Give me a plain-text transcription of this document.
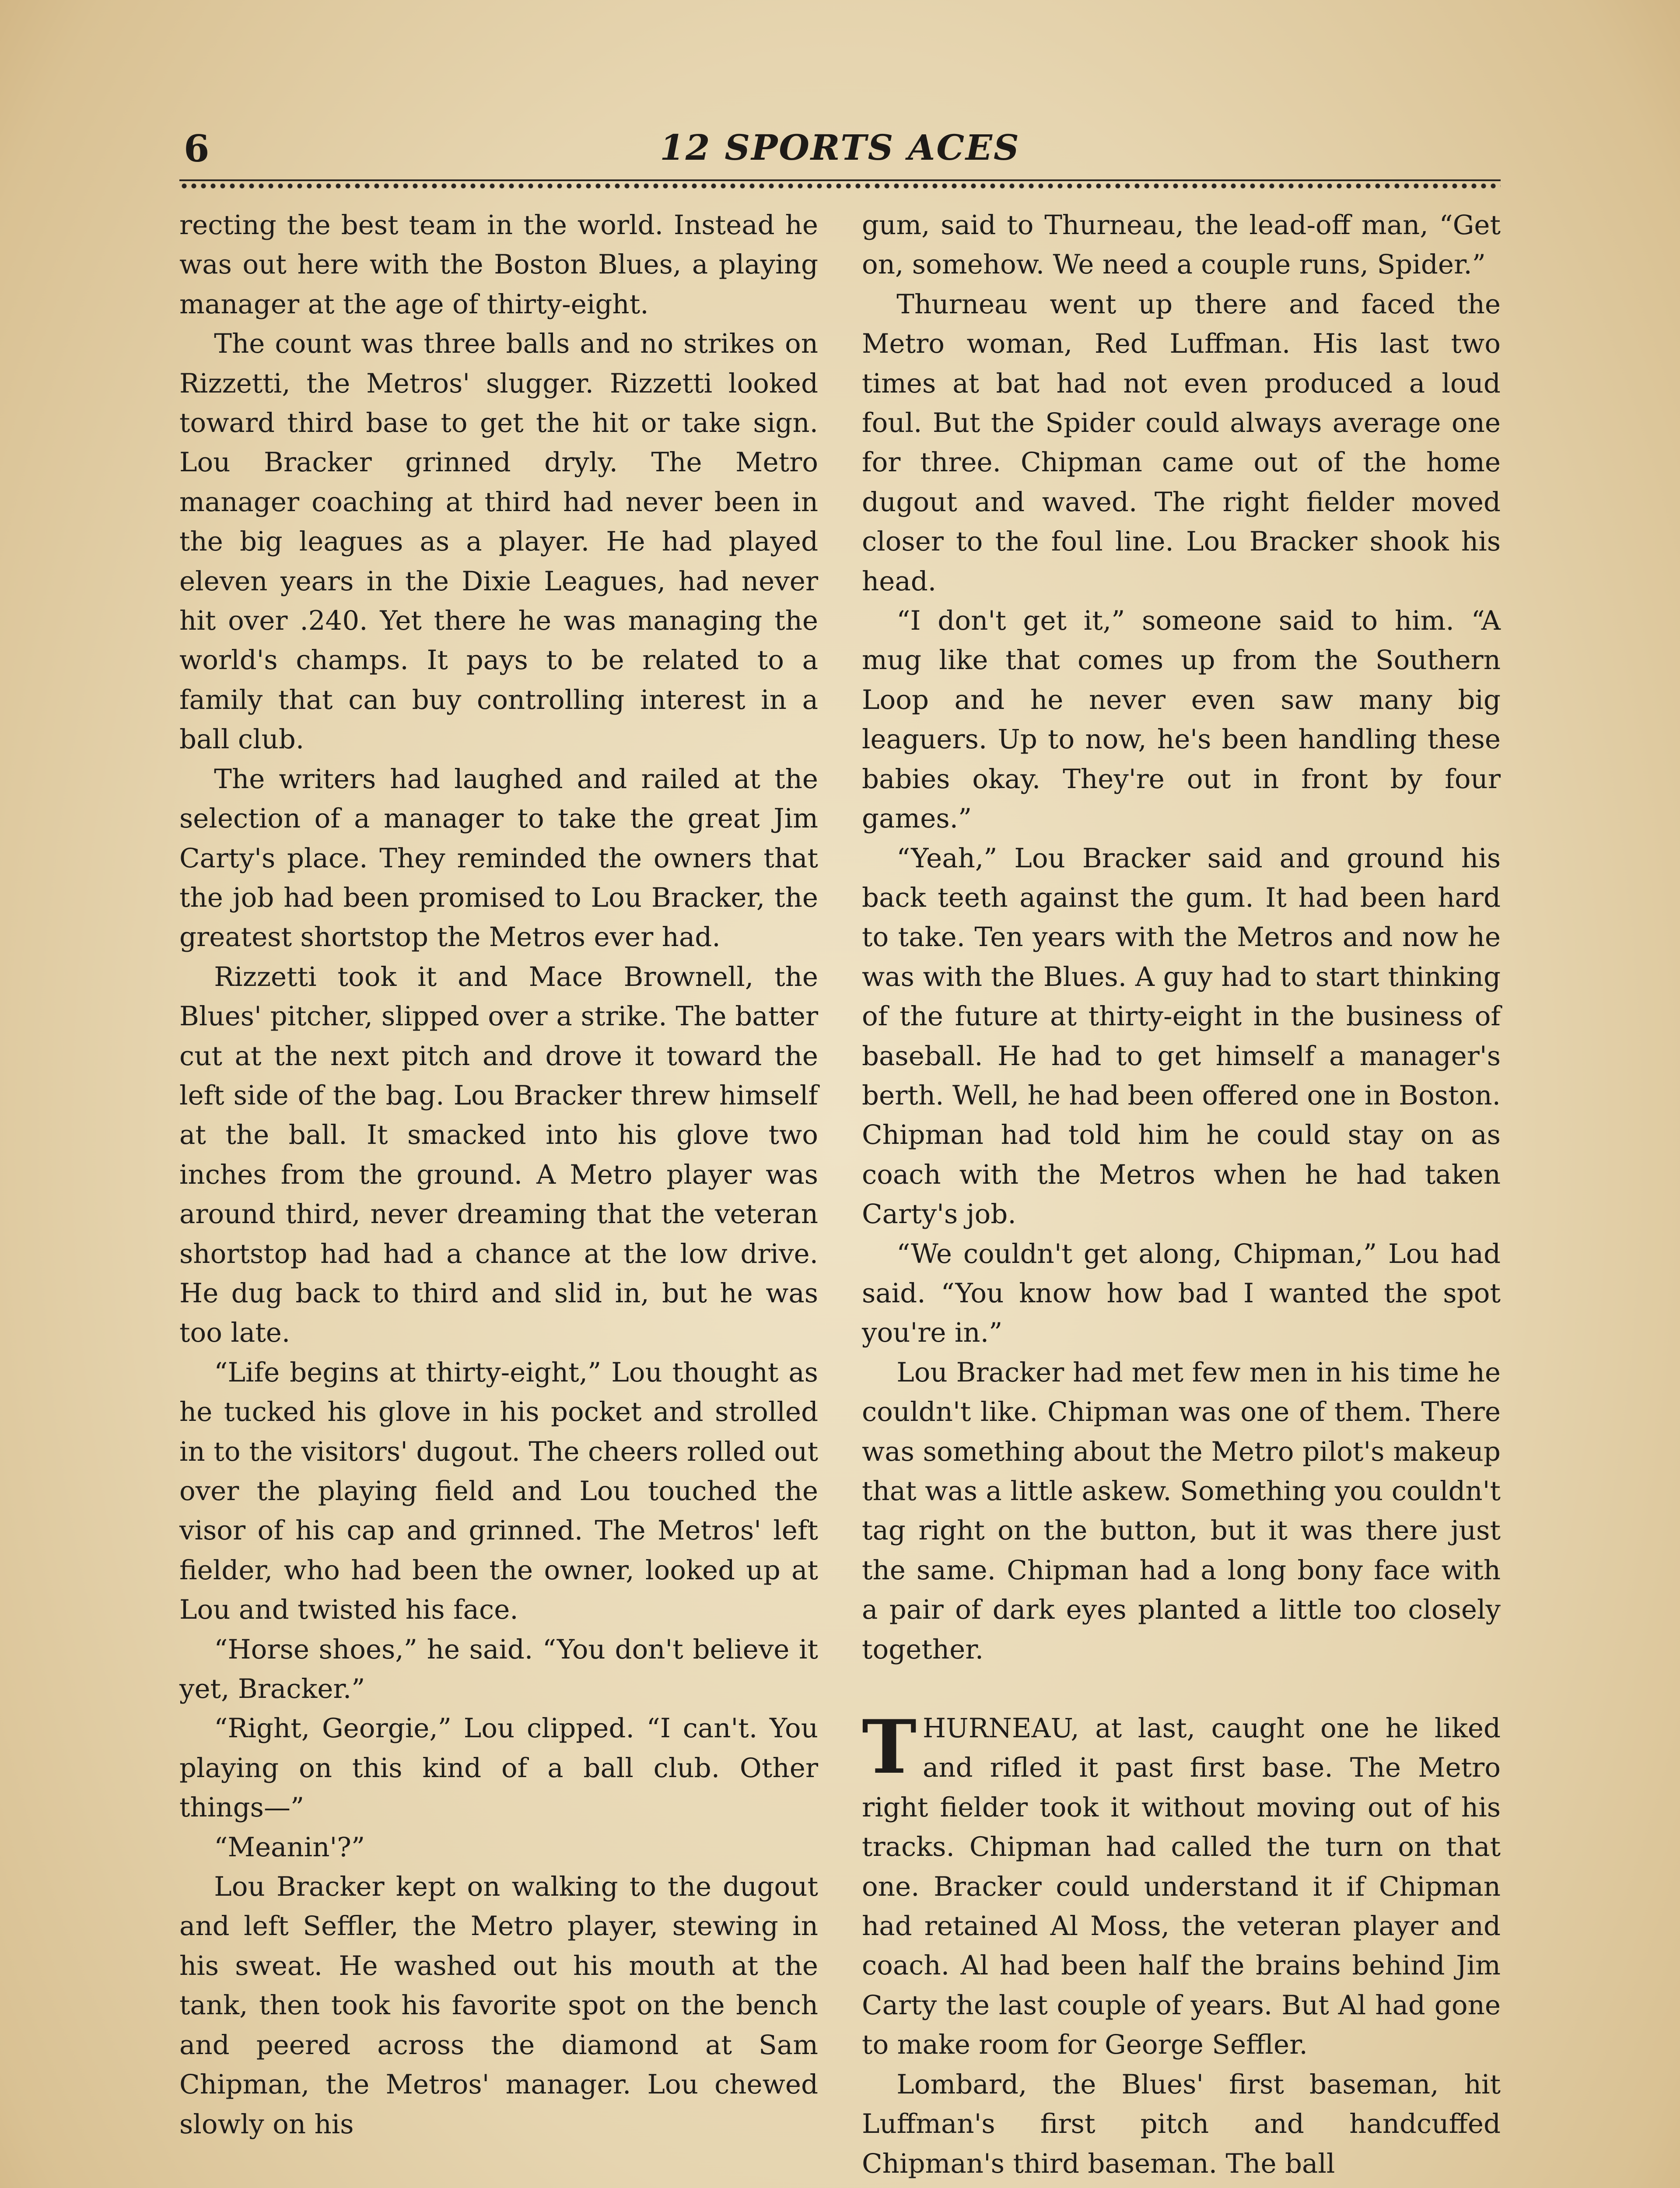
6	12 SPORTS ACES

recting the best team in the world. Instead he was out here with the Boston Blues, a playing manager at the age of thirty-eight.

The count was three balls and no strikes on Rizzetti, the Metros' slugger. Rizzetti looked toward third base to get the hit or take sign. Lou Bracker grinned dryly. The Metro manager coaching at third had never been in the big leagues as a player. He had played eleven years in the Dixie Leagues, had never hit over .240. Yet there he was managing the world's champs. It pays to be related to a family that can buy controlling interest in a ball club.

The writers had laughed and railed at the selection of a manager to take the great Jim Carty's place. They reminded the owners that the job had been promised to Lou Bracker, the greatest shortstop the Metros ever had.

Rizzetti took it and Mace Brownell, the Blues' pitcher, slipped over a strike. The batter cut at the next pitch and drove it toward the left side of the bag. Lou Bracker threw himself at the ball. It smacked into his glove two inches from the ground. A Metro player was around third, never dreaming that the veteran shortstop had had a chance at the low drive. He dug back to third and slid in, but he was too late.

“Life begins at thirty-eight,” Lou thought as he tucked his glove in his pocket and strolled in to the visitors' dugout. The cheers rolled out over the playing field and Lou touched the visor of his cap and grinned. The Metros' left fielder, who had been the owner, looked up at Lou and twisted his face.

“Horse shoes,” he said. “You don't believe it yet, Bracker.”

“Right, Georgie,” Lou clipped. “I can't. You playing on this kind of a ball club. Other things—”

“Meanin'?”

Lou Bracker kept on walking to the dugout and left Seffler, the Metro player, stewing in his sweat. He washed out his mouth at the tank, then took his favorite spot on the bench and peered across the diamond at Sam Chipman, the Metros' manager. Lou chewed slowly on his

gum, said to Thurneau, the lead-off man, “Get on, somehow. We need a couple runs, Spider.”

Thurneau went up there and faced the Metro woman, Red Luffman. His last two times at bat had not even produced a loud foul. But the Spider could always average one for three. Chipman came out of the home dugout and waved. The right fielder moved closer to the foul line. Lou Bracker shook his head.

“I don't get it,” someone said to him. “A mug like that comes up from the Southern Loop and he never even saw many big leaguers. Up to now, he's been handling these babies okay. They're out in front by four games.”

“Yeah,” Lou Bracker said and ground his back teeth against the gum. It had been hard to take. Ten years with the Metros and now he was with the Blues. A guy had to start thinking of the future at thirty-eight in the business of baseball. He had to get himself a manager's berth. Well, he had been offered one in Boston. Chipman had told him he could stay on as coach with the Metros when he had taken Carty's job.

“We couldn't get along, Chipman,” Lou had said. “You know how bad I wanted the spot you're in.”

Lou Bracker had met few men in his time he couldn't like. Chipman was one of them. There was something about the Metro pilot's makeup that was a little askew. Something you couldn't tag right on the button, but it was there just the same. Chipman had a long bony face with a pair of dark eyes planted a little too closely together.

THURNEAU, at last, caught one he liked and rifled it past first base. The Metro right fielder took it without moving out of his tracks. Chipman had called the turn on that one. Bracker could understand it if Chipman had retained Al Moss, the veteran player and coach. Al had been half the brains behind Jim Carty the last couple of years. But Al had gone to make room for George Seffler.

Lombard, the Blues' first baseman, hit Luffman's first pitch and handcuffed Chipman's third baseman. The ball
